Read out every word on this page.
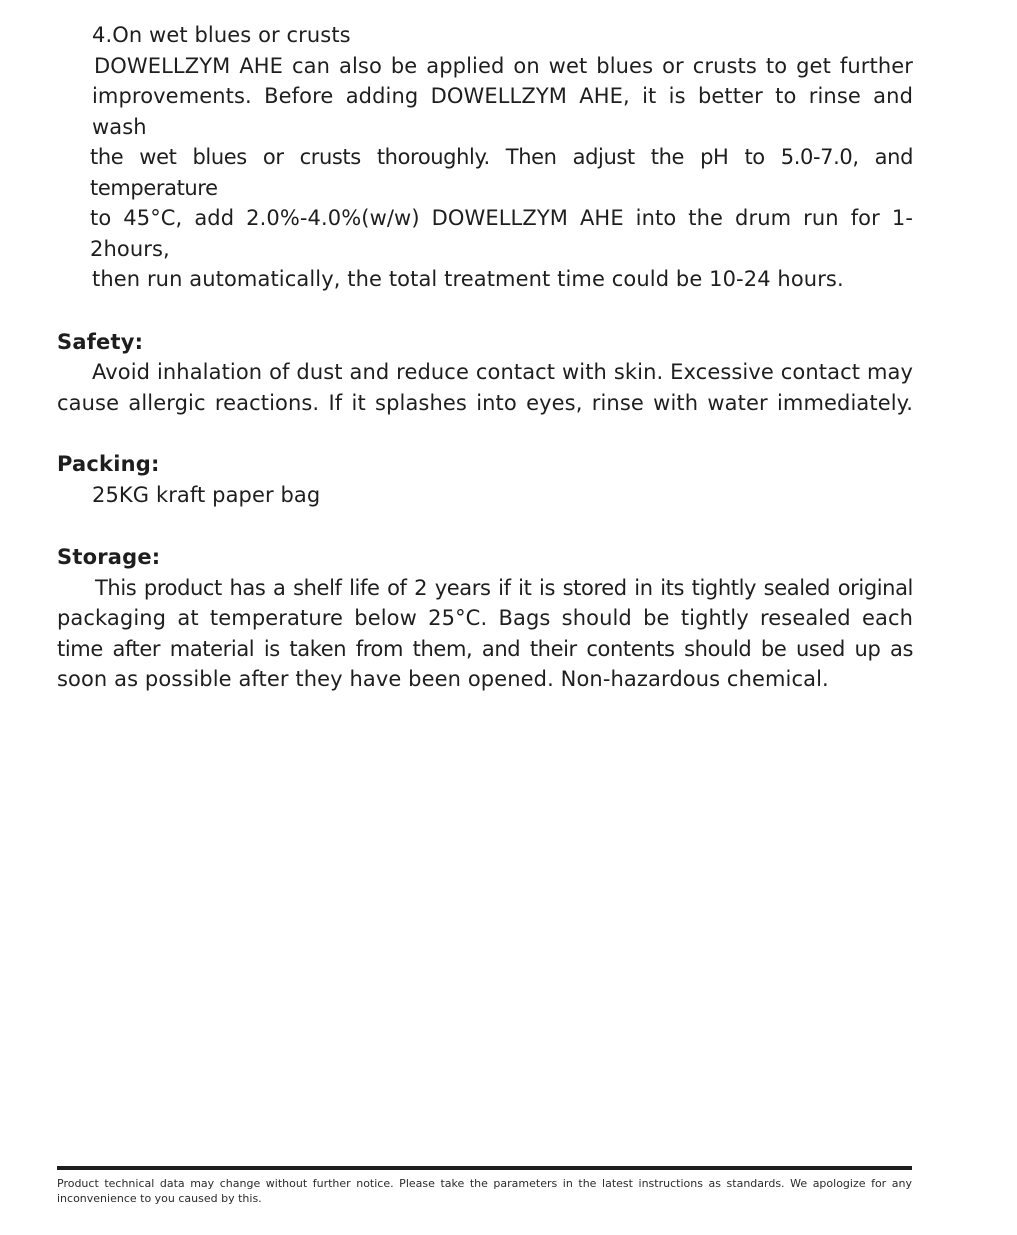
4.On wet blues or crusts
DOWELLZYM AHE can also be applied on wet blues or crusts to get further
improvements. Before adding DOWELLZYM AHE, it is better to rinse and wash
the wet blues or crusts thoroughly. Then adjust the pH to 5.0-7.0, and temperature
to 45°C, add 2.0%-4.0%(w/w) DOWELLZYM AHE into the drum run for 1-2hours,
then run automatically, the total treatment time could be 10-24 hours.
Safety:
Avoid inhalation of dust and reduce contact with skin. Excessive contact may
cause allergic reactions. If it splashes into eyes, rinse with water immediately.
Packing:
25KG kraft paper bag
Storage:
This product has a shelf life of 2 years if it is stored in its tightly sealed original
packaging at temperature below 25°C. Bags should be tightly resealed each
time after material is taken from them, and their contents should be used up as
soon as possible after they have been opened. Non-hazardous chemical.
Product technical data may change without further notice. Please take the parameters in the latest instructions as standards. We apologize for any inconvenience to you caused by this.
